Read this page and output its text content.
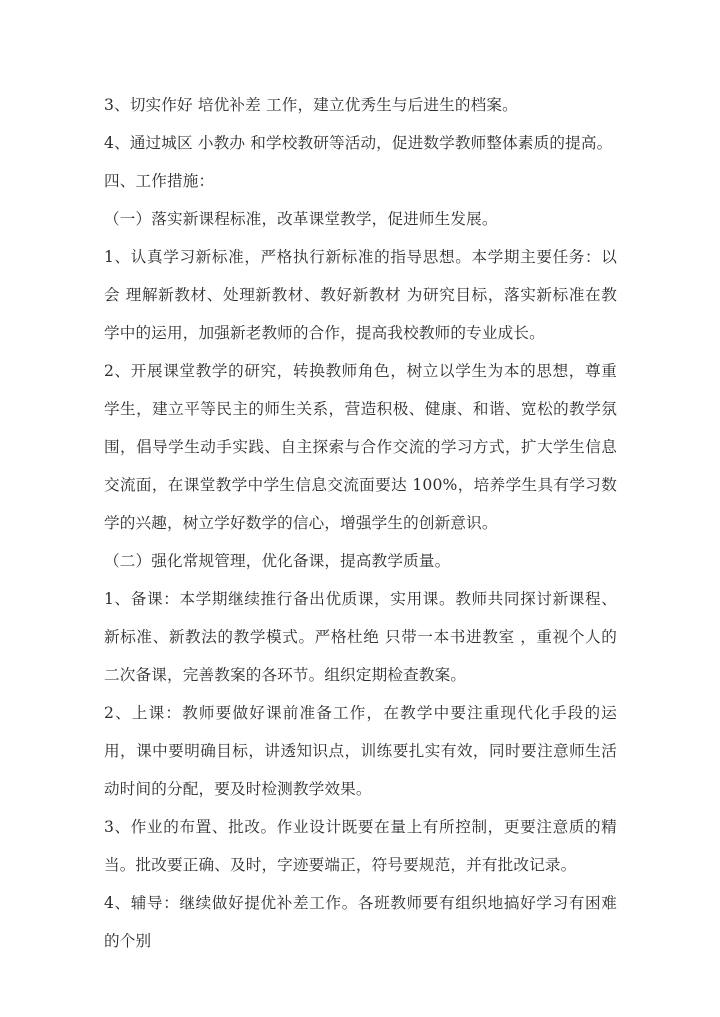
3、切实作好 培优补差 工作，建立优秀生与后进生的档案。

4、通过城区 小教办 和学校教研等活动，促进数学教师整体素质的提高。

四、工作措施：

（一）落实新课程标准，改革课堂教学，促进师生发展。

1、认真学习新标准，严格执行新标准的指导思想。本学期主要任务：以会 理解新教材、处理新教材、教好新教材 为研究目标，落实新标准在教学中的运用，加强新老教师的合作，提高我校教师的专业成长。

2、开展课堂教学的研究，转换教师角色，树立以学生为本的思想，尊重学生，建立平等民主的师生关系，营造积极、健康、和谐、宽松的教学氛围，倡导学生动手实践、自主探索与合作交流的学习方式，扩大学生信息交流面，在课堂教学中学生信息交流面要达 100%，培养学生具有学习数学的兴趣，树立学好数学的信心，增强学生的创新意识。

（二）强化常规管理，优化备课，提高教学质量。

1、备课：本学期继续推行备出优质课，实用课。教师共同探讨新课程、新标准、新教法的教学模式。严格杜绝 只带一本书进教室 ，重视个人的二次备课，完善教案的各环节。组织定期检查教案。

2、上课：教师要做好课前准备工作，在教学中要注重现代化手段的运用，课中要明确目标，讲透知识点，训练要扎实有效，同时要注意师生活动时间的分配，要及时检测教学效果。

3、作业的布置、批改。作业设计既要在量上有所控制，更要注意质的精当。批改要正确、及时，字迹要端正，符号要规范，并有批改记录。

4、辅导：继续做好提优补差工作。各班教师要有组织地搞好学习有困难的个别
